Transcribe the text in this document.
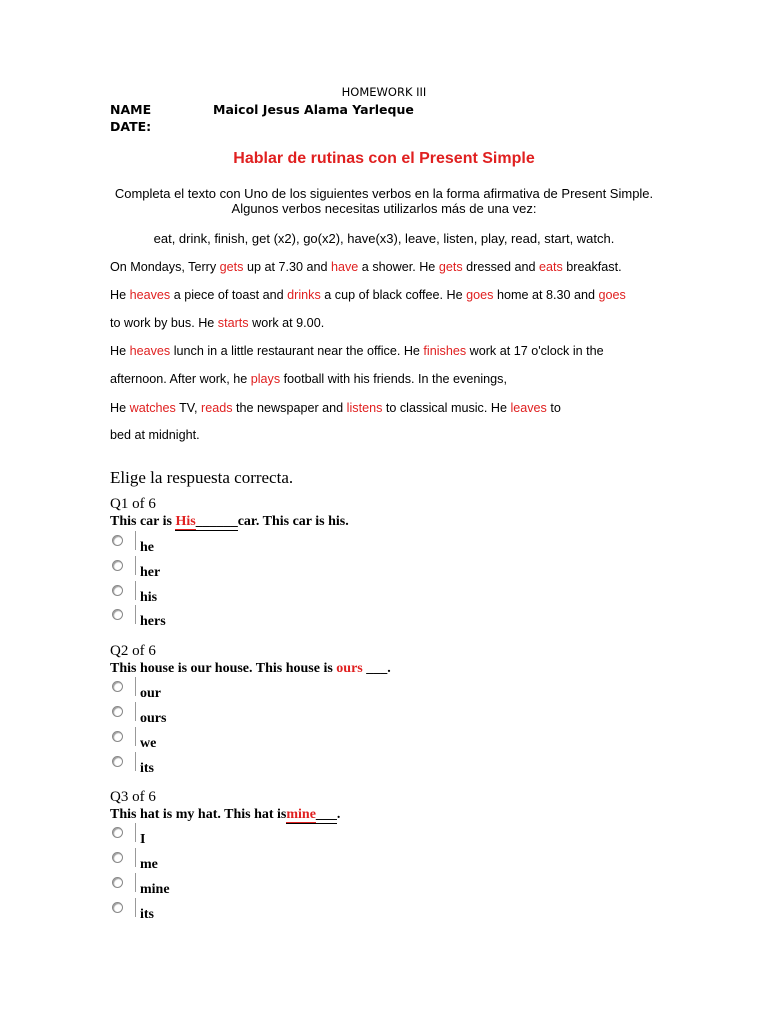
HOMEWORK III
NAME	Maicol Jesus Alama Yarleque
DATE:
Hablar de rutinas con el Present Simple
Completa el texto con Uno de los siguientes verbos en la forma afirmativa de Present Simple.
Algunos verbos necesitas utilizarlos más de una vez:
eat, drink, finish, get (x2), go(x2), have(x3), leave, listen, play, read, start, watch.
On Mondays, Terry gets up at 7.30 and have a shower. He gets dressed and eats breakfast.
He heaves a piece of toast and drinks a cup of black coffee. He goes home at 8.30 and goes
to work by bus. He starts work at 9.00.
He heaves lunch in a little restaurant near the office. He finishes work at 17 o'clock in the
afternoon. After work, he plays football with his friends. In the evenings,
He watches TV, reads the newspaper and listens to classical music. He leaves to
bed at midnight.
Elige la respuesta correcta.
Q1 of 6
This car is His______car. This car is his.
he
her
his
hers
Q2 of 6
This house is our house. This house is ours ___.
our
ours
we
its
Q3 of 6
This hat is my hat. This hat ismine___.
I
me
mine
its
